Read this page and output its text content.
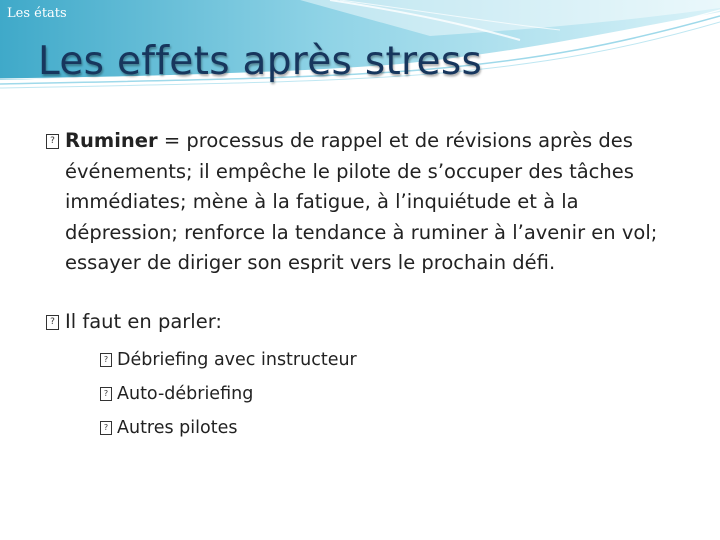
Les états

Les effets après stress

? Ruminer = processus de rappel et de révisions après des événements; il empêche le pilote de s’occuper des tâches immédiates; mène à la fatigue, à l’inquiétude et à la dépression; renforce la tendance à ruminer à l’avenir en vol; essayer de diriger son esprit vers le prochain défi.

? Il faut en parler:
? Débriefing avec instructeur
? Auto-débriefing
? Autres pilotes
